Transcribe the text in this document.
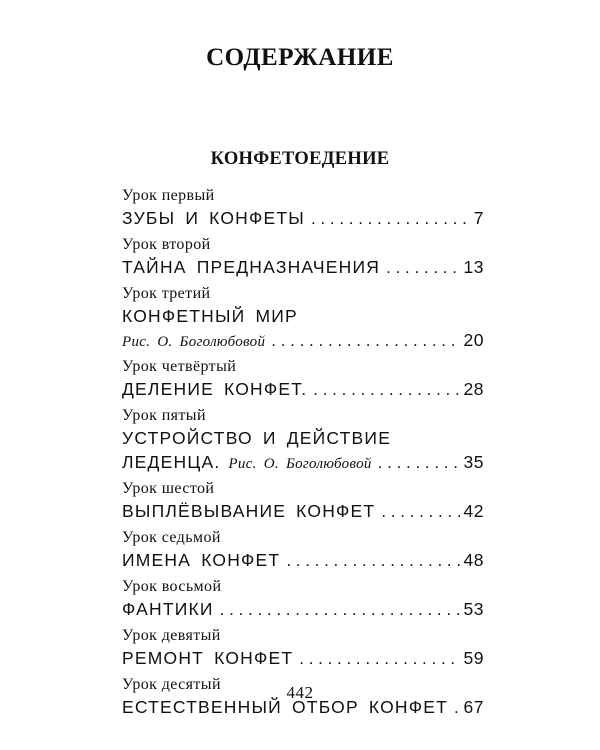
СОДЕРЖАНИЕ
КОНФЕТОЕДЕНИЕ
Урок первый
ЗУБЫ И КОНФЕТЫ . . .	7
Урок второй
ТАЙНА ПРЕДНАЗНАЧЕНИЯ . . .	13
Урок третий
КОНФЕТНЫЙ МИР
Рис. О. Боголюбовой . . .	20
Урок четвёртый
ДЕЛЕНИЕ КОНФЕТ. . . .	28
Урок пятый
УСТРОЙСТВО И ДЕЙСТВИЕ
ЛЕДЕНЦА. Рис. О. Боголюбовой . . .	35
Урок шестой
ВЫПЛЁВЫВАНИЕ КОНФЕТ . . .	42
Урок седьмой
ИМЕНА КОНФЕТ . . .	48
Урок восьмой
ФАНТИКИ . . .	53
Урок девятый
РЕМОНТ КОНФЕТ . . .	59
Урок десятый
ЕСТЕСТВЕННЫЙ ОТБОР КОНФЕТ . . . 67
442
